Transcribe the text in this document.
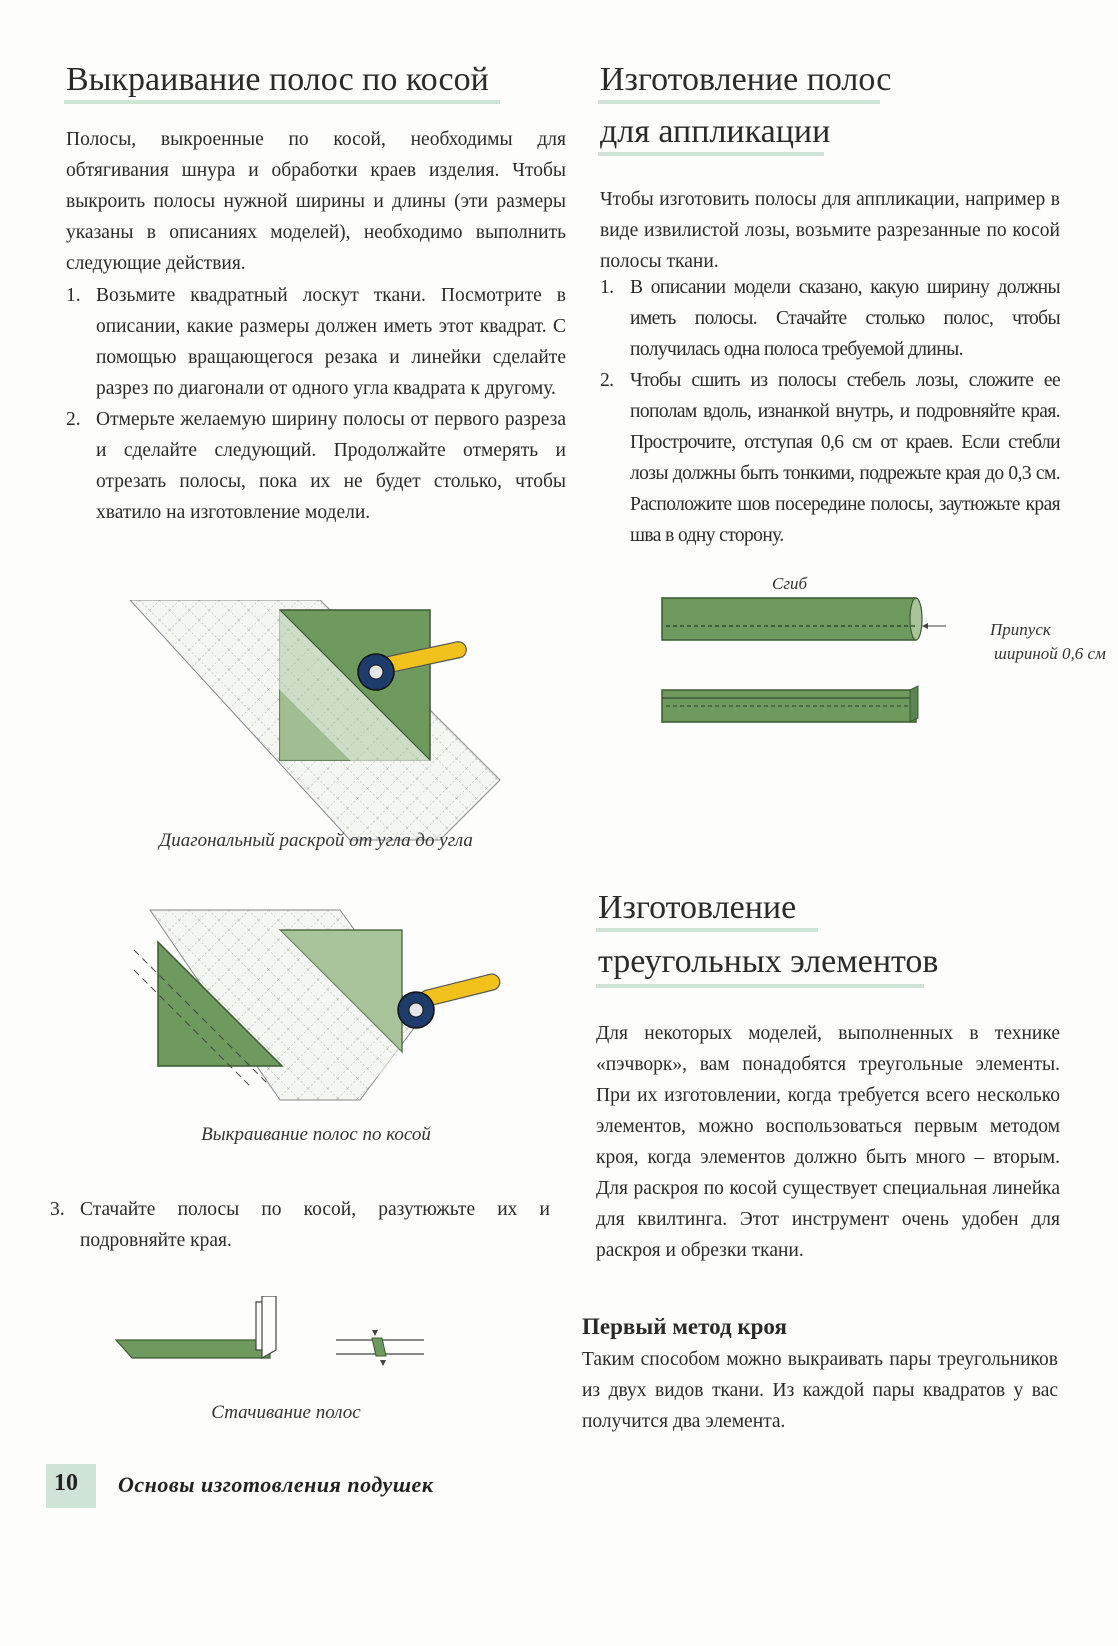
Выкраивание полос по косой
Полосы, выкроенные по косой, необходимы для обтягивания шнура и обработки краев изделия. Чтобы выкроить полосы нужной ширины и длины (эти размеры указаны в описаниях моделей), необходимо выполнить следующие действия.
1. Возьмите квадратный лоскут ткани. Посмотрите в описании, какие размеры должен иметь этот квадрат. С помощью вращающегося резака и линейки сделайте разрез по диагонали от одного угла квадрата к другому.
2. Отмерьте желаемую ширину полосы от первого разреза и сделайте следующий. Продолжайте отмерять и отрезать полосы, пока их не будет столько, чтобы хватило на изготовление модели.
Диагональный раскрой от угла до угла
Выкраивание полос по косой
3. Стачайте полосы по косой, разутюжьте их и подровняйте края.
Стачивание полос
Изготовление полос
для аппликации
Чтобы изготовить полосы для аппликации, например в виде извилистой лозы, возьмите разрезанные по косой полосы ткани.
1. В описании модели сказано, какую ширину должны иметь полосы. Стачайте столько полос, чтобы получилась одна полоса требуемой длины.
2. Чтобы сшить из полосы стебель лозы, сложите ее пополам вдоль, изнанкой внутрь, и подровняйте края. Прострочите, отступая 0,6 см от краев. Если стебли лозы должны быть тонкими, подрежьте края до 0,3 см. Расположите шов посередине полосы, заутюжьте края шва в одну сторону.
Сгиб
Припуск
шириной 0,6 см
Изготовление
треугольных элементов
Для некоторых моделей, выполненных в технике «пэчворк», вам понадобятся треугольные элементы. При их изготовлении, когда требуется всего несколько элементов, можно воспользоваться первым методом кроя, когда элементов должно быть много – вторым. Для раскроя по косой существует специальная линейка для квилтинга. Этот инструмент очень удобен для раскроя и обрезки ткани.
Первый метод кроя
Таким способом можно выкраивать пары треугольников из двух видов ткани. Из каждой пары квадратов у вас получится два элемента.
10 Основы изготовления подушек
